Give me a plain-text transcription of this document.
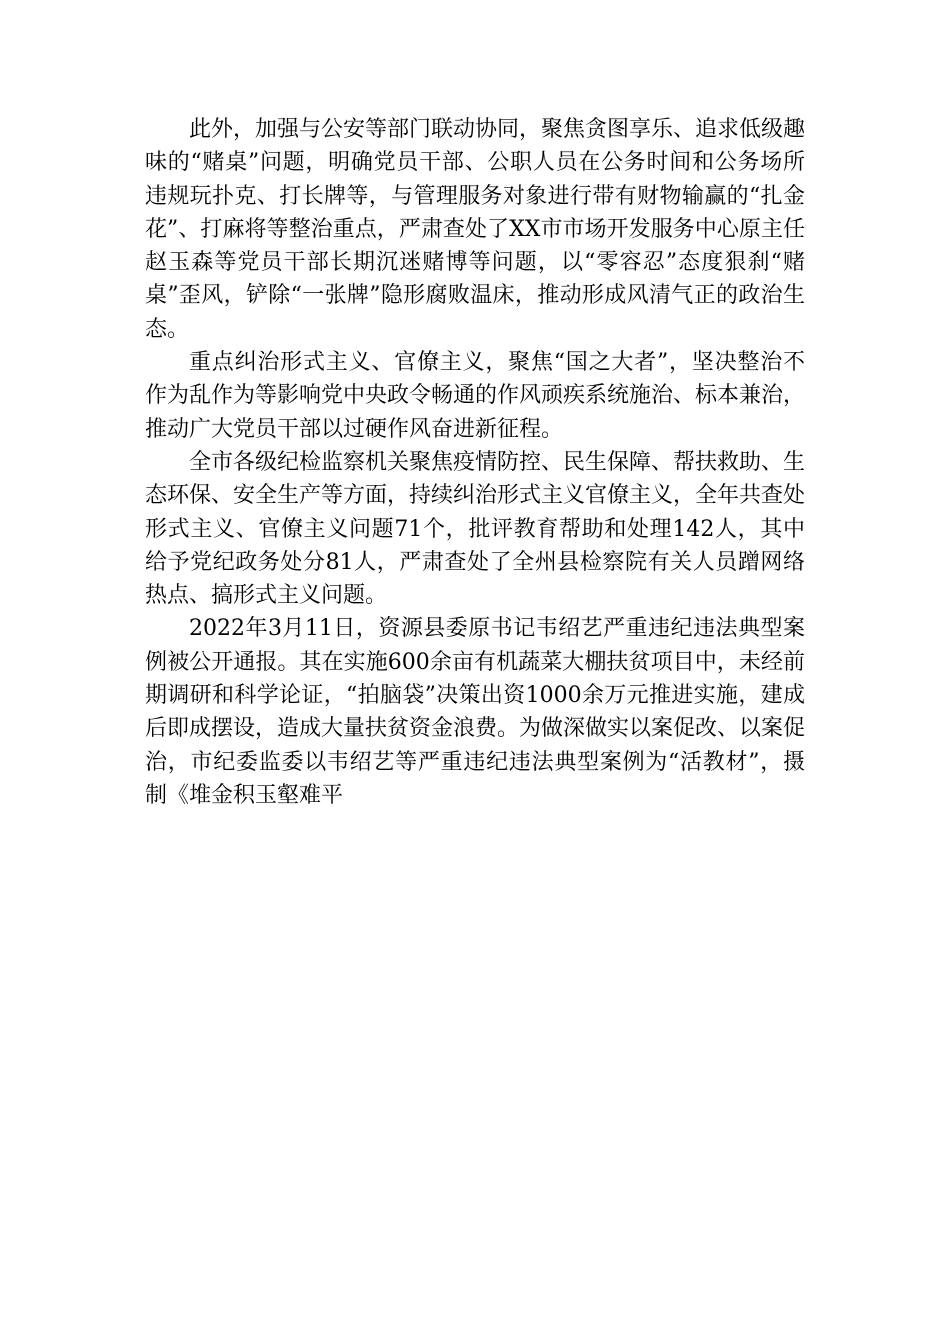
此外，加强与公安等部门联动协同，聚焦贪图享乐、追求低级趣味的“赌桌”问题，明确党员干部、公职人员在公务时间和公务场所违规玩扑克、打长牌等，与管理服务对象进行带有财物输赢的“扎金花”、打麻将等整治重点，严肃查处了XX市市场开发服务中心原主任赵玉森等党员干部长期沉迷赌博等问题，以“零容忍”态度狠刹“赌桌”歪风，铲除“一张牌”隐形腐败温床，推动形成风清气正的政治生态。

重点纠治形式主义、官僚主义，聚焦“国之大者”，坚决整治不作为乱作为等影响党中央政令畅通的作风顽疾系统施治、标本兼治，推动广大党员干部以过硬作风奋进新征程。

全市各级纪检监察机关聚焦疫情防控、民生保障、帮扶救助、生态环保、安全生产等方面，持续纠治形式主义官僚主义，全年共查处形式主义、官僚主义问题71个，批评教育帮助和处理142人，其中给予党纪政务处分81人，严肃查处了全州县检察院有关人员蹭网络热点、搞形式主义问题。

2022年3月11日，资源县委原书记韦绍艺严重违纪违法典型案例被公开通报。其在实施600余亩有机蔬菜大棚扶贫项目中，未经前期调研和科学论证，“拍脑袋”决策出资1000余万元推进实施，建成后即成摆设，造成大量扶贫资金浪费。为做深做实以案促改、以案促治，市纪委监委以韦绍艺等严重违纪违法典型案例为“活教材”，摄制《堆金积玉壑难平
